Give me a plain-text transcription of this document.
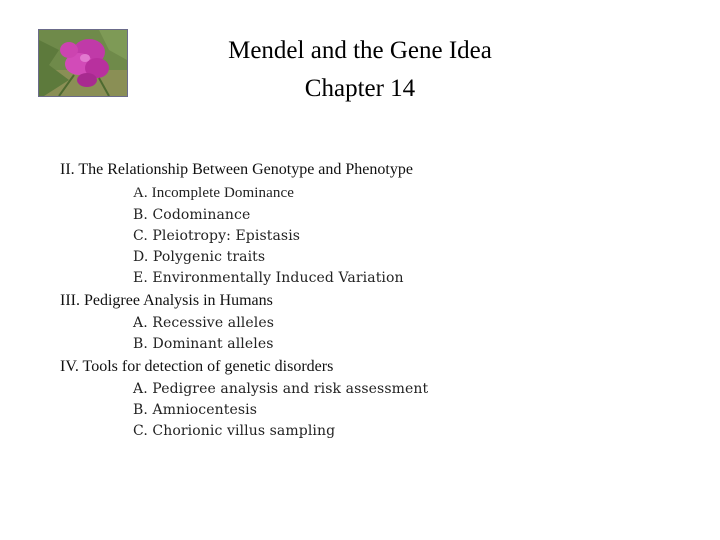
Mendel and the Gene Idea
Chapter 14
II. The Relationship Between Genotype and Phenotype
A. Incomplete Dominance
B. Codominance
C. Pleiotropy: Epistasis
D. Polygenic traits
E. Environmentally Induced Variation
III. Pedigree Analysis in Humans
A. Recessive alleles
B. Dominant alleles
IV. Tools for detection of genetic disorders
A. Pedigree analysis and risk assessment
B. Amniocentesis
C. Chorionic villus sampling
